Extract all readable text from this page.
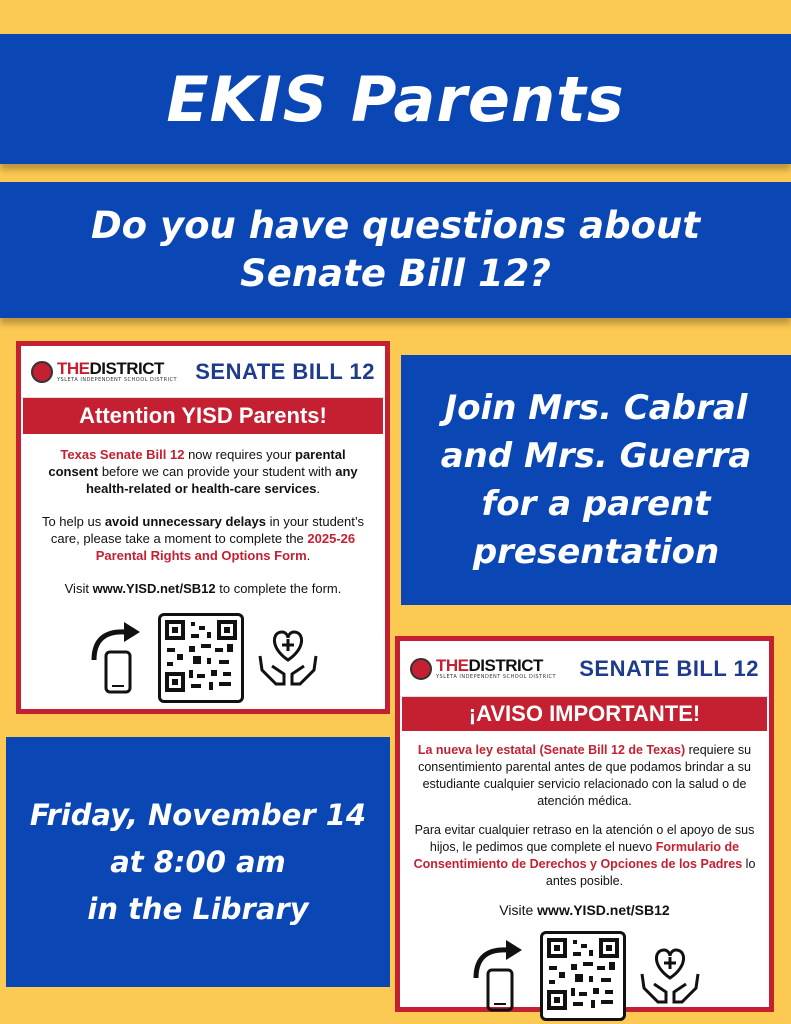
EKIS Parents

Do you have questions about

Senate Bill 12?

THEDISTRICT
YSLETA INDEPENDENT SCHOOL DISTRICT SENATE BILL 12
Attention YISD Parents!

Texas Senate Bill 12 now requires your parental consent before we can provide your student with any health-related or health-care services.

To help us avoid unnecessary delays in your student’s care, please take a moment to complete the 2025-26 Parental Rights and Options Form.

Visit www.YISD.net/SB12 to complete the form.

Join Mrs. Cabral

and Mrs. Guerra

for a parent

presentation

THEDISTRICT
YSLETA INDEPENDENT SCHOOL DISTRICT SENATE BILL 12
¡AVISO IMPORTANTE!

La nueva ley estatal (Senate Bill 12 de Texas) requiere su consentimiento parental antes de que podamos brindar a su estudiante cualquier servicio relacionado con la salud o de atención médica.

Para evitar cualquier retraso en la atención o el apoyo de sus hijos, le pedimos que complete el nuevo Formulario de Consentimiento de Derechos y Opciones de los Padres lo antes posible.

Visite www.YISD.net/SB12

Friday, November 14

at 8:00 am

in the Library
